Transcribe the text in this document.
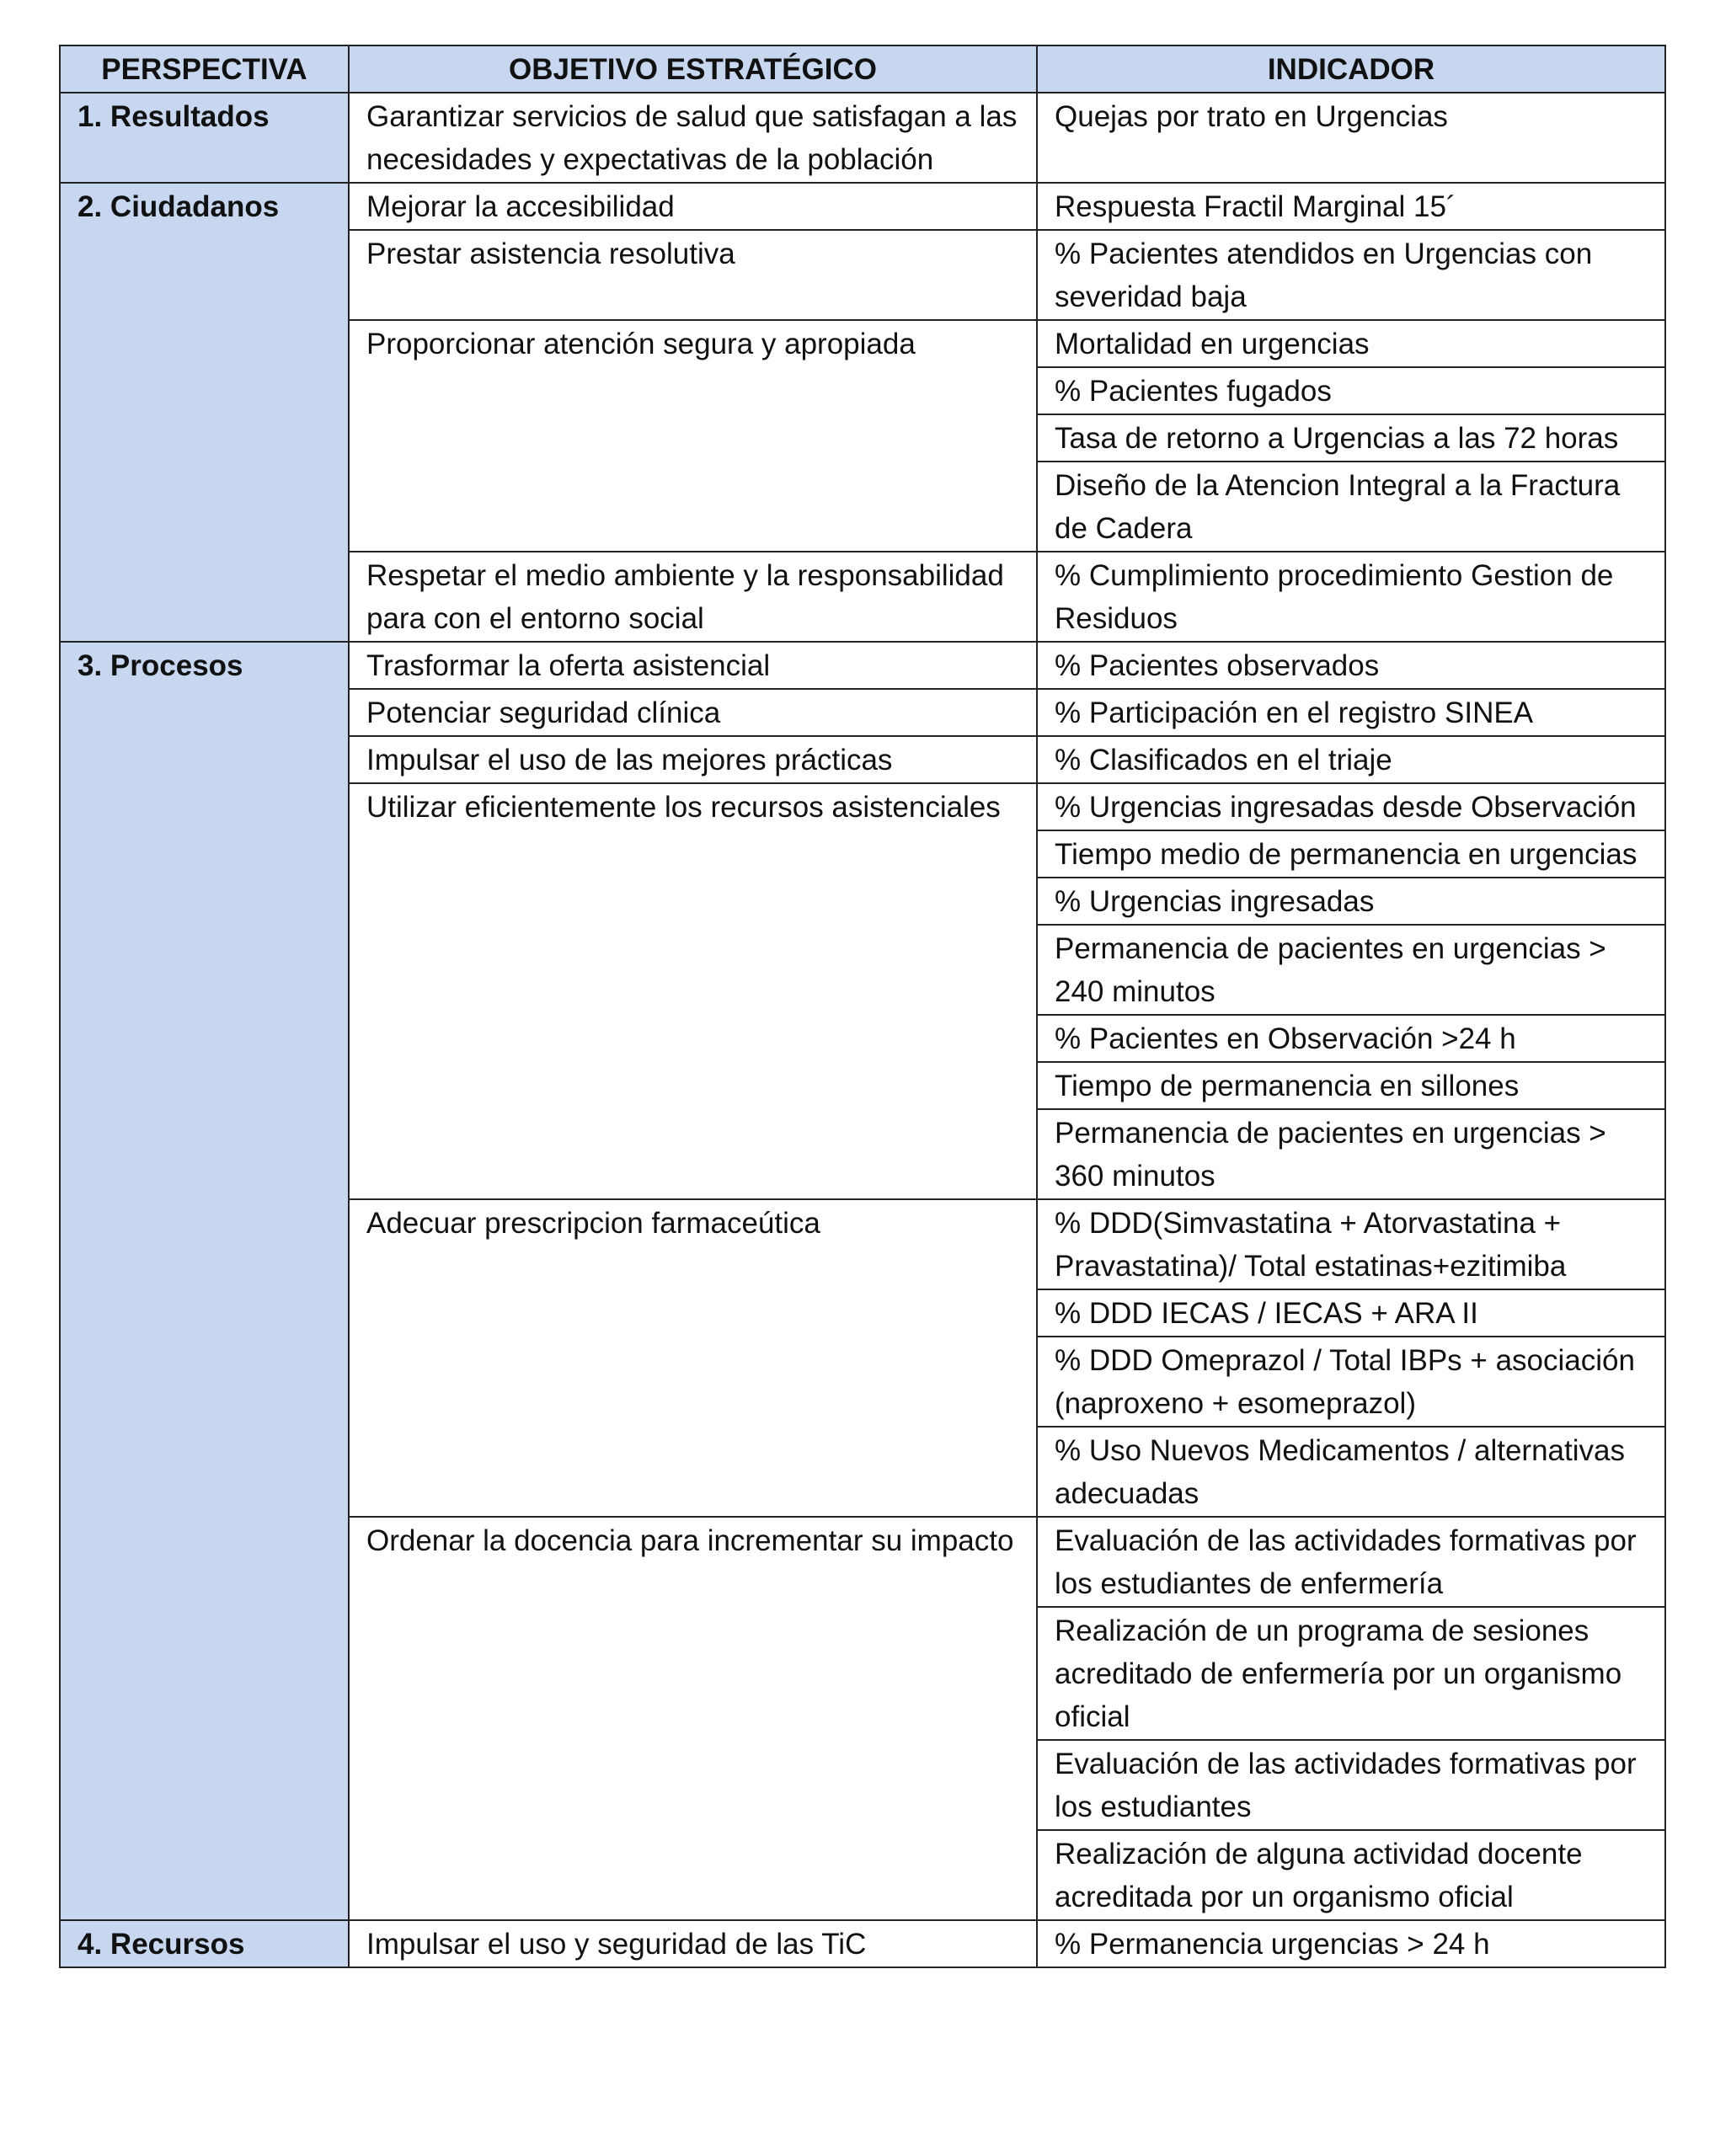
PERSPECTIVA	OBJETIVO ESTRATÉGICO	INDICADOR
1. Resultados	Garantizar servicios de salud que satisfagan a las necesidades y expectativas de la población	Quejas por trato en Urgencias
2. Ciudadanos	Mejorar la accesibilidad	Respuesta Fractil Marginal 15´
	Prestar asistencia resolutiva	% Pacientes atendidos en Urgencias con severidad baja
	Proporcionar atención segura y apropiada	Mortalidad en urgencias
		% Pacientes fugados
		Tasa de retorno a Urgencias a las 72 horas
		Diseño de la Atencion Integral a la Fractura de Cadera
	Respetar el medio ambiente y la responsabilidad para con el entorno social	% Cumplimiento procedimiento Gestion de Residuos
3. Procesos	Trasformar la oferta asistencial	% Pacientes observados
	Potenciar seguridad clínica	% Participación en el registro SINEA
	Impulsar el uso de las mejores prácticas	% Clasificados en el triaje
	Utilizar eficientemente los recursos asistenciales	% Urgencias ingresadas desde Observación
		Tiempo medio de permanencia en urgencias
		% Urgencias ingresadas
		Permanencia de pacientes en urgencias > 240 minutos
		% Pacientes en Observación >24 h
		Tiempo de permanencia en sillones
		Permanencia de pacientes en urgencias > 360 minutos
	Adecuar prescripcion farmaceútica	% DDD(Simvastatina + Atorvastatina + Pravastatina)/ Total estatinas+ezitimiba
		% DDD IECAS / IECAS + ARA II
		% DDD Omeprazol / Total IBPs + asociación (naproxeno + esomeprazol)
		% Uso Nuevos Medicamentos / alternativas adecuadas
	Ordenar la docencia para incrementar su impacto	Evaluación de las actividades formativas por los estudiantes de enfermería
		Realización de un programa de sesiones acreditado de enfermería por un organismo oficial
		Evaluación de las actividades formativas por los estudiantes
		Realización de alguna actividad docente acreditada por un organismo oficial
4. Recursos	Impulsar el uso y seguridad de las TiC	% Permanencia urgencias > 24 h
